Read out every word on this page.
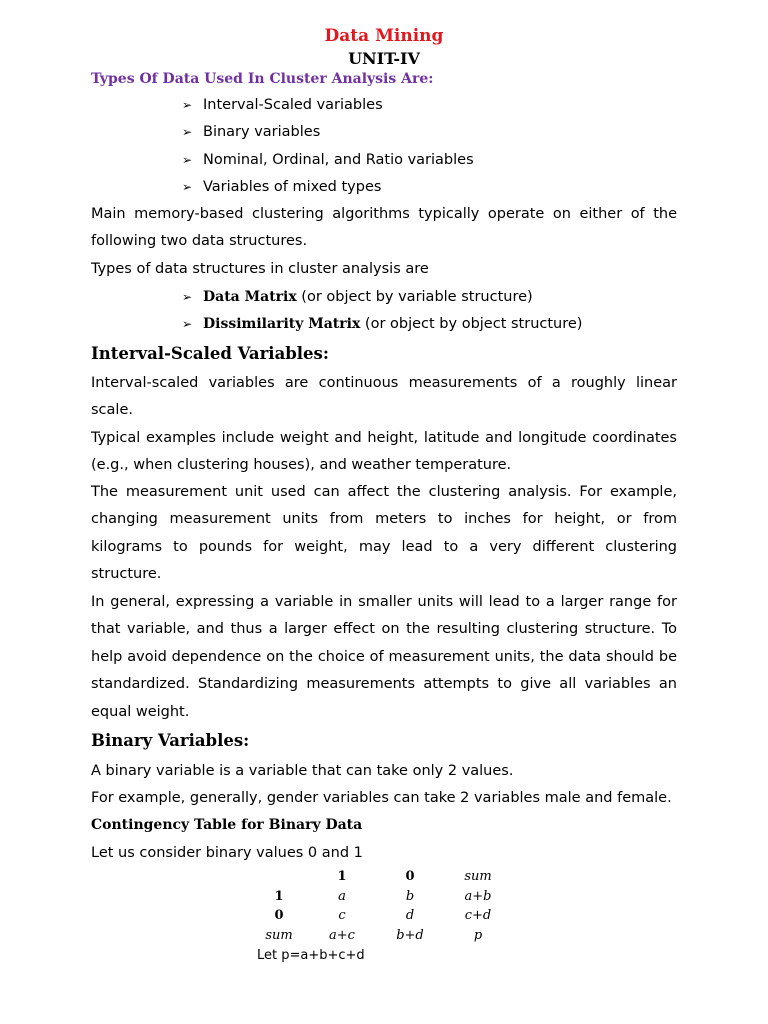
Data Mining
UNIT-IV
Types Of Data Used In Cluster Analysis Are:
➢ Interval-Scaled variables
➢ Binary variables
➢ Nominal, Ordinal, and Ratio variables
➢ Variables of mixed types
Main memory-based clustering algorithms typically operate on either of the following two data structures.
Types of data structures in cluster analysis are
➢ Data Matrix (or object by variable structure)
➢ Dissimilarity Matrix (or object by object structure)
Interval-Scaled Variables:
Interval-scaled variables are continuous measurements of a roughly linear scale.
Typical examples include weight and height, latitude and longitude coordinates (e.g., when clustering houses), and weather temperature.
The measurement unit used can affect the clustering analysis. For example, changing measurement units from meters to inches for height, or from kilograms to pounds for weight, may lead to a very different clustering structure.
In general, expressing a variable in smaller units will lead to a larger range for that variable, and thus a larger effect on the resulting clustering structure. To help avoid dependence on the choice of measurement units, the data should be standardized. Standardizing measurements attempts to give all variables an equal weight.
Binary Variables:
A binary variable is a variable that can take only 2 values.
For example, generally, gender variables can take 2 variables male and female.
Contingency Table for Binary Data
Let us consider binary values 0 and 1
	1	0	sum
1	a	b	a+b
0	c	d	c+d
sum	a+c	b+d	p
Let p=a+b+c+d
